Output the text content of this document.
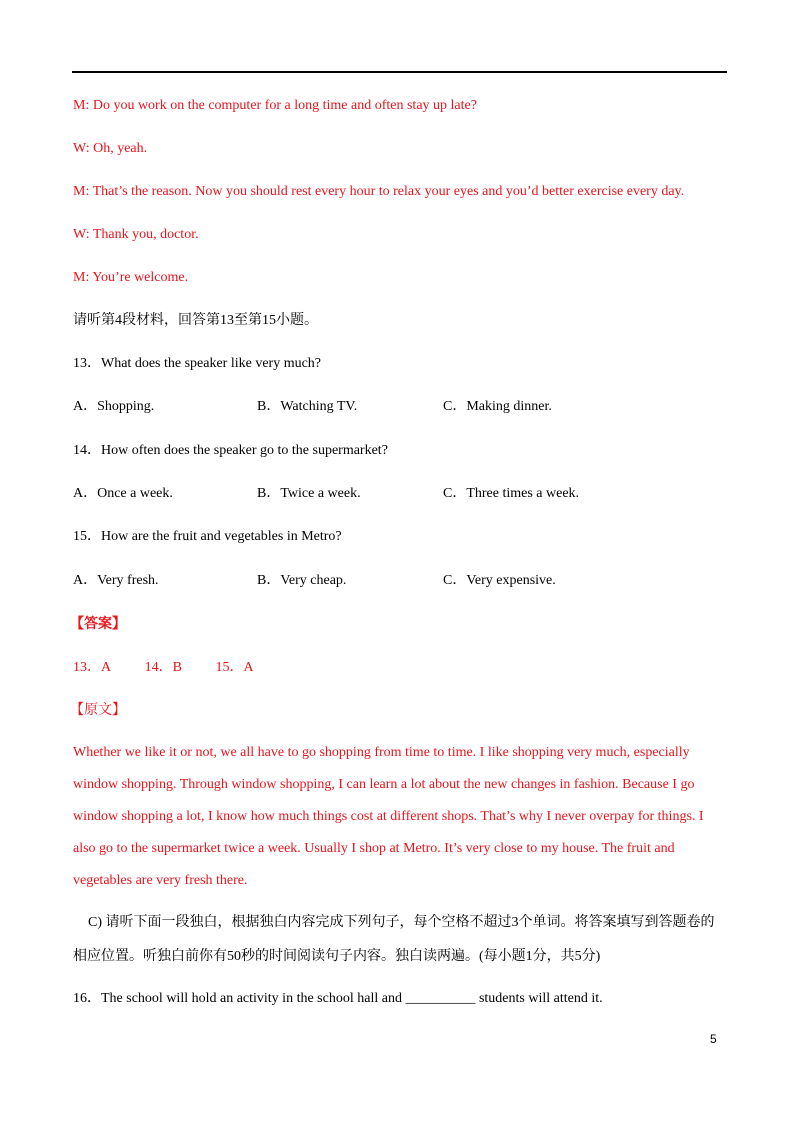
M: Do you work on the computer for a long time and often stay up late?
W: Oh, yeah.
M: That’s the reason. Now you should rest every hour to relax your eyes and you’d better exercise every day.
W: Thank you, doctor.
M: You’re welcome.
请听第4段材料，回答第13至第15小题。
13．What does the speaker like very much?
A．Shopping.	B．Watching TV.	C．Making dinner.
14．How often does the speaker go to the supermarket?
A．Once a week.	B．Twice a week.	C．Three times a week.
15．How are the fruit and vegetables in Metro?
A．Very fresh.	B．Very cheap.	C．Very expensive.
【答案】
13．A 14．B 15．A
【原文】
Whether we like it or not, we all have to go shopping from time to time. I like shopping very much, especially window shopping. Through window shopping, I can learn a lot about the new changes in fashion. Because I go window shopping a lot, I know how much things cost at different shops. That’s why I never overpay for things. I also go to the supermarket twice a week. Usually I shop at Metro. It’s very close to my house. The fruit and vegetables are very fresh there.
C) 请听下面一段独白，根据独白内容完成下列句子，每个空格不超过3个单词。将答案填写到答题卷的相应位置。听独白前你有50秒的时间阅读句子内容。独白读两遍。(每小题1分，共5分)
16．The school will hold an activity in the school hall and __________ students will attend it.
5
